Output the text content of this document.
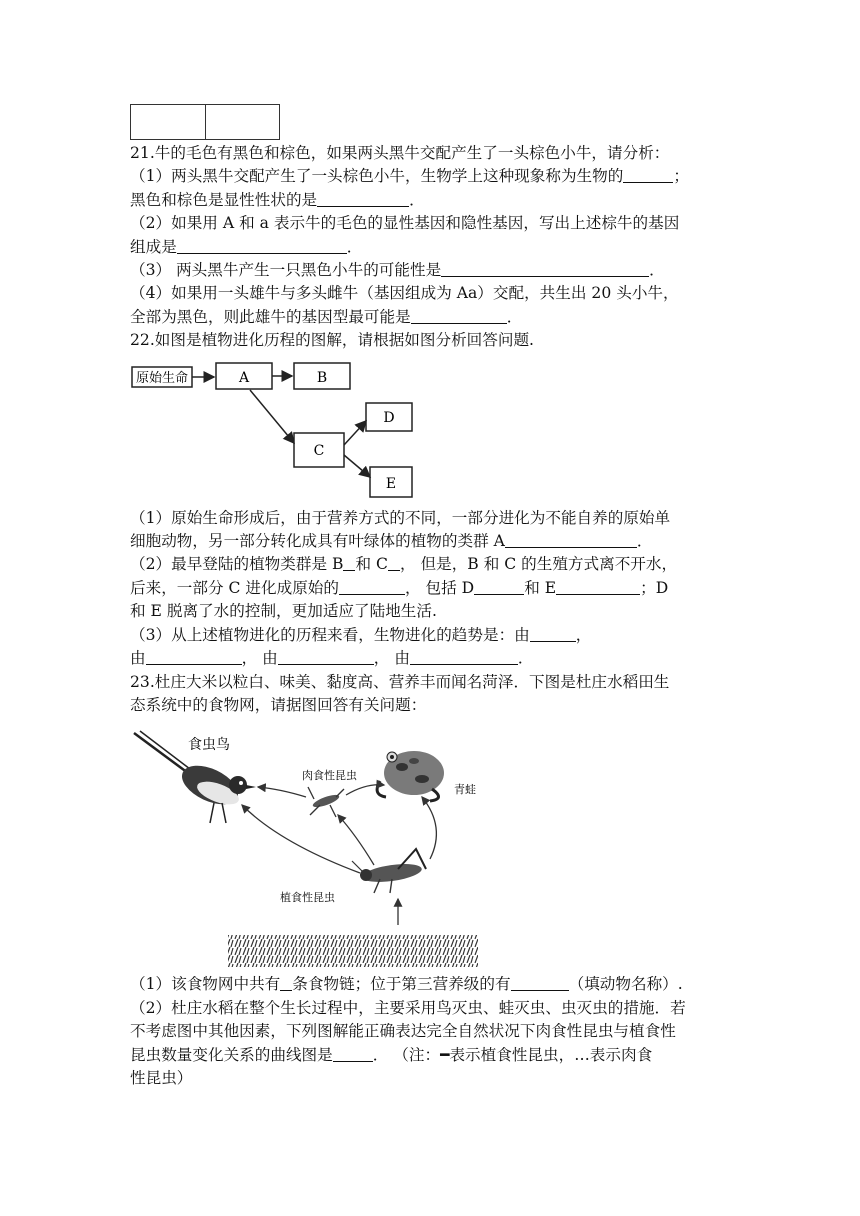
21.牛的毛色有黑色和棕色，如果两头黑牛交配产生了一头棕色小牛，请分析：

（1）两头黑牛交配产生了一头棕色小牛，生物学上这种现象称为生物的	；

黑色和棕色是显性性状的是	．

（2）如果用 A 和 a 表示牛的毛色的显性基因和隐性基因，写出上述棕牛的基因

组成是	．

（3） 两头黑牛产生一只黑色小牛的可能性是	．

（4）如果用一头雄牛与多头雌牛（基因组成为 Aa）交配，共生出 20 头小牛，

全部为黑色，则此雄牛的基因型最可能是	．

22.如图是植物进化历程的图解，请根据如图分析回答问题.

原始生命	A	B
C
D
E

（1）原始生命形成后，由于营养方式的不同，一部分进化为不能自养的原始单

细胞动物，另一部分转化成具有叶绿体的植物的类群 A	．

（2）最早登陆的植物类群是 B 和 C ， 但是，B 和 C 的生殖方式离不开水，

后来，一部分 C 进化成原始的	， 包括 D	和 E	；D

和 E 脱离了水的控制，更加适应了陆地生活.

（3）从上述植物进化的历程来看，生物进化的趋势是：由	，

由	， 由	， 由	．

23.杜庄大米以粒白、味美、黏度高、营养丰而闻名菏泽．下图是杜庄水稻田生

态系统中的食物网，请据图回答有关问题：

食虫鸟
青蛙
肉食性昆虫
植食性昆虫

（1）该食物网中共有 条食物链；位于第三营养级的有	（填动物名称）.

（2）杜庄水稻在整个生长过程中，主要采用鸟灭虫、蛙灭虫、虫灭虫的措施．若

不考虑图中其他因素，下列图解能正确表达完全自然状况下肉食性昆虫与植食性

昆虫数量变化关系的曲线图是	． （注：━表示植食性昆虫，…表示肉食

性昆虫）
